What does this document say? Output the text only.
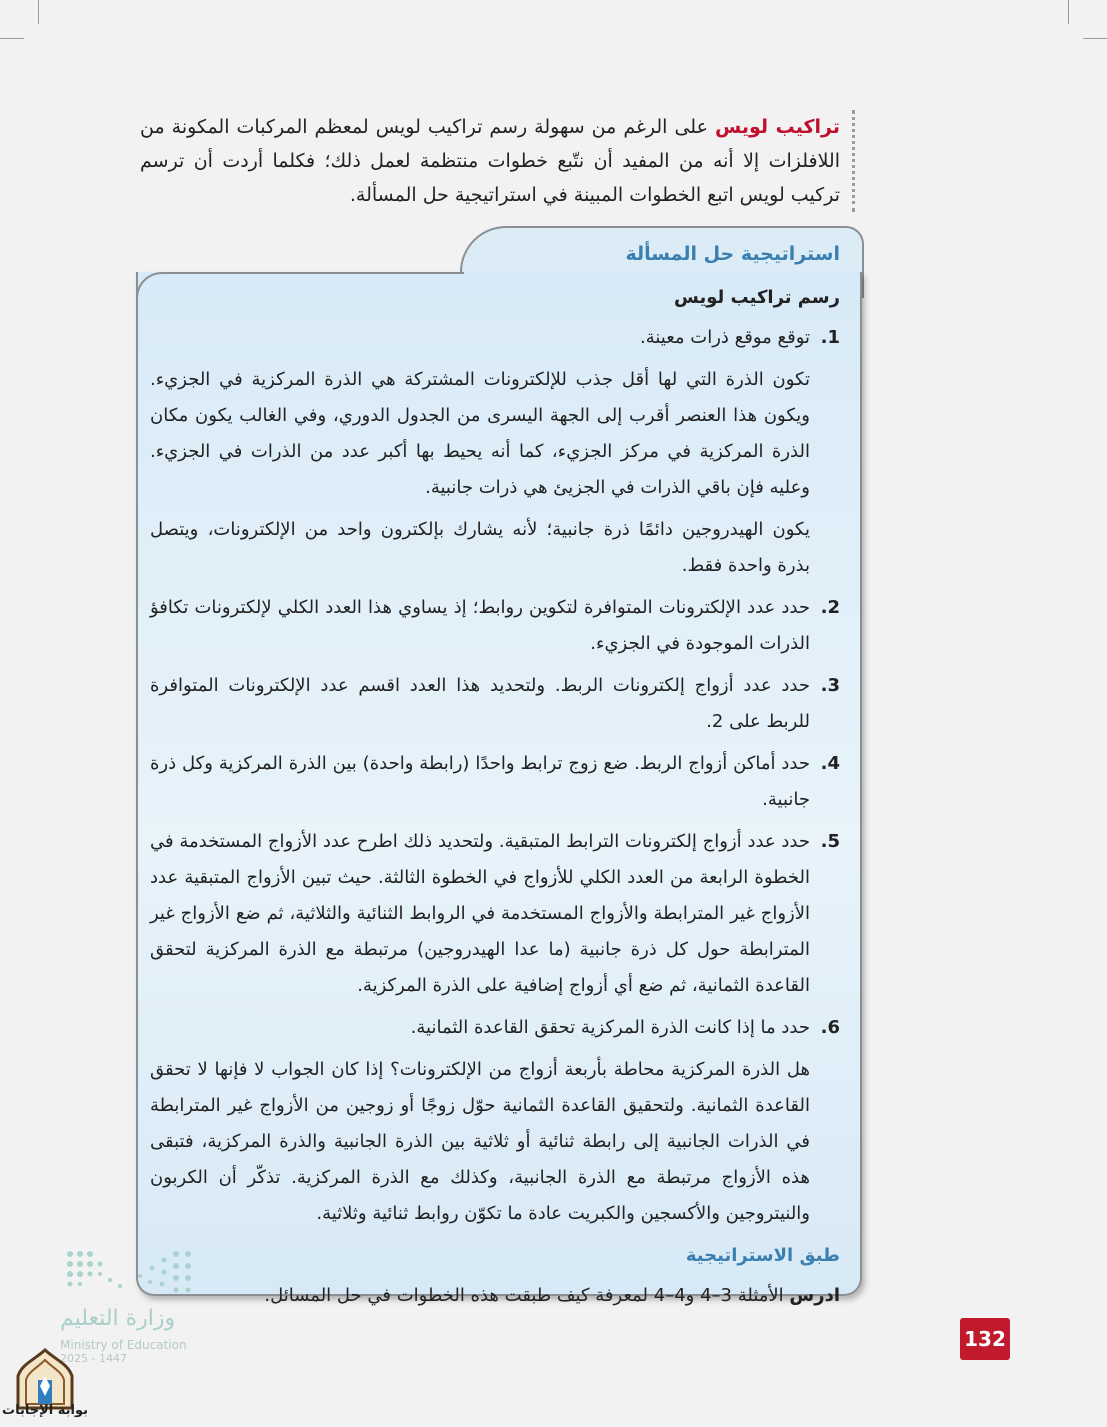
تراكيب لويس على الرغم من سهولة رسم تراكيب لويس لمعظم المركبات المكونة من اللافلزات إلا أنه من المفيد أن نتّبع خطوات منتظمة لعمل ذلك؛ فكلما أردت أن ترسم تركيب لويس اتبع الخطوات المبينة في استراتيجية حل المسألة.
استراتيجية حل المسألة
رسم تراكيب لويس
1.
توقع موقع ذرات معينة.
تكون الذرة التي لها أقل جذب للإلكترونات المشتركة هي الذرة المركزية في الجزيء. ويكون هذا العنصر أقرب إلى الجهة اليسرى من الجدول الدوري، وفي الغالب يكون مكان الذرة المركزية في مركز الجزيء، كما أنه يحيط بها أكبر عدد من الذرات في الجزيء. وعليه فإن باقي الذرات في الجزيئ هي ذرات جانبية.
يكون الهيدروجين دائمًا ذرة جانبية؛ لأنه يشارك بإلكترون واحد من الإلكترونات، ويتصل بذرة واحدة فقط.
2.
حدد عدد الإلكترونات المتوافرة لتكوين روابط؛ إذ يساوي هذا العدد الكلي لإلكترونات تكافؤ الذرات الموجودة في الجزيء.
3.
حدد عدد أزواج إلكترونات الربط. ولتحديد هذا العدد اقسم عدد الإلكترونات المتوافرة للربط على 2.
4.
حدد أماكن أزواج الربط. ضع زوج ترابط واحدًا (رابطة واحدة) بين الذرة المركزية وكل ذرة جانبية.
5.
حدد عدد أزواج إلكترونات الترابط المتبقية. ولتحديد ذلك اطرح عدد الأزواج المستخدمة في الخطوة الرابعة من العدد الكلي للأزواج في الخطوة الثالثة. حيث تبين الأزواج المتبقية عدد الأزواج غير المترابطة والأزواج المستخدمة في الروابط الثنائية والثلاثية، ثم ضع الأزواج غير المترابطة حول كل ذرة جانبية (ما عدا الهيدروجين) مرتبطة مع الذرة المركزية لتحقق القاعدة الثمانية، ثم ضع أي أزواج إضافية على الذرة المركزية.
6.
حدد ما إذا كانت الذرة المركزية تحقق القاعدة الثمانية.
هل الذرة المركزية محاطة بأربعة أزواج من الإلكترونات؟ إذا كان الجواب لا فإنها لا تحقق القاعدة الثمانية. ولتحقيق القاعدة الثمانية حوّل زوجًا أو زوجين من الأزواج غير المترابطة في الذرات الجانبية إلى رابطة ثنائية أو ثلاثية بين الذرة الجانبية والذرة المركزية، فتبقى هذه الأزواج مرتبطة مع الذرة الجانبية، وكذلك مع الذرة المركزية. تذكّر أن الكربون والنيتروجين والأكسجين والكبريت عادة ما تكوّن روابط ثنائية وثلاثية.
طبق الاستراتيجية
ادرس الأمثلة 3–4 و4–4 لمعرفة كيف طبقت هذه الخطوات في حل المسائل.
وزارة التعليم
Ministry of Education
2025 - 1447
بوابة الإجابات
132
